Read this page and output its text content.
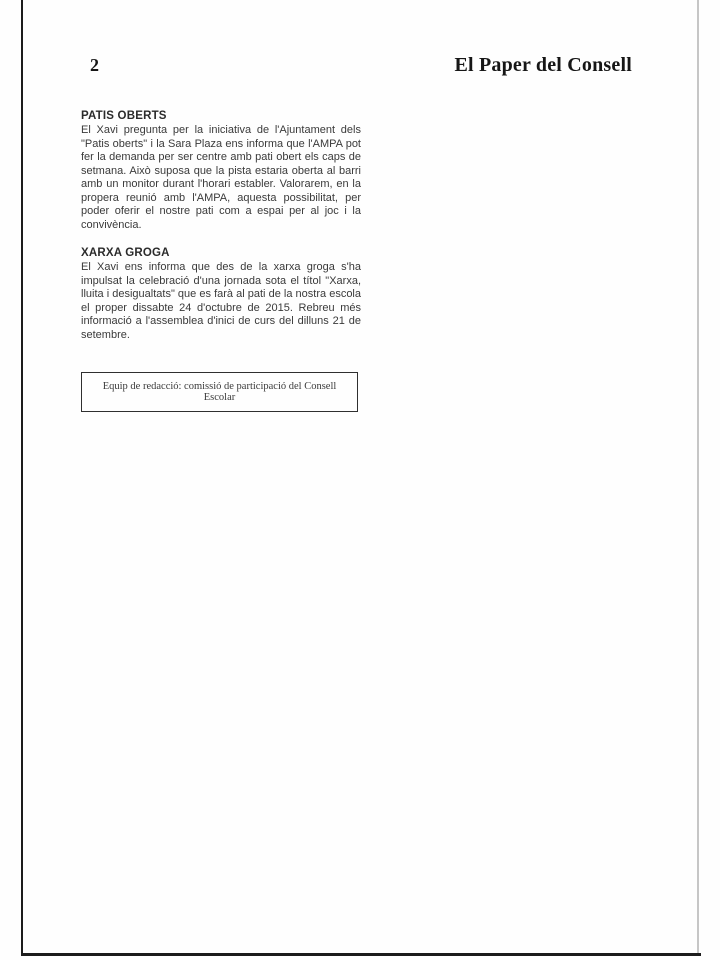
2	El Paper del Consell
PATIS OBERTS

El Xavi pregunta per la iniciativa de l'Ajuntament dels "Patis oberts" i la Sara Plaza ens informa que l'AMPA pot fer la demanda per ser centre amb pati obert els caps de setmana. Això suposa que la pista estaria oberta al barri amb un monitor durant l'horari establer. Valorarem, en la propera reunió amb l'AMPA, aquesta possibilitat, per poder oferir el nostre pati com a espai per al joc i la convivència.

XARXA GROGA

El Xavi ens informa que des de la xarxa groga s'ha impulsat la celebració d'una jornada sota el títol "Xarxa, lluita i desigualtats" que es farà al pati de la nostra escola el proper dissabte 24 d'octubre de 2015. Rebreu més informació a l'assemblea d'inici de curs del dilluns 21 de setembre.

Equip de redacció: comissió de participació del Consell Escolar
